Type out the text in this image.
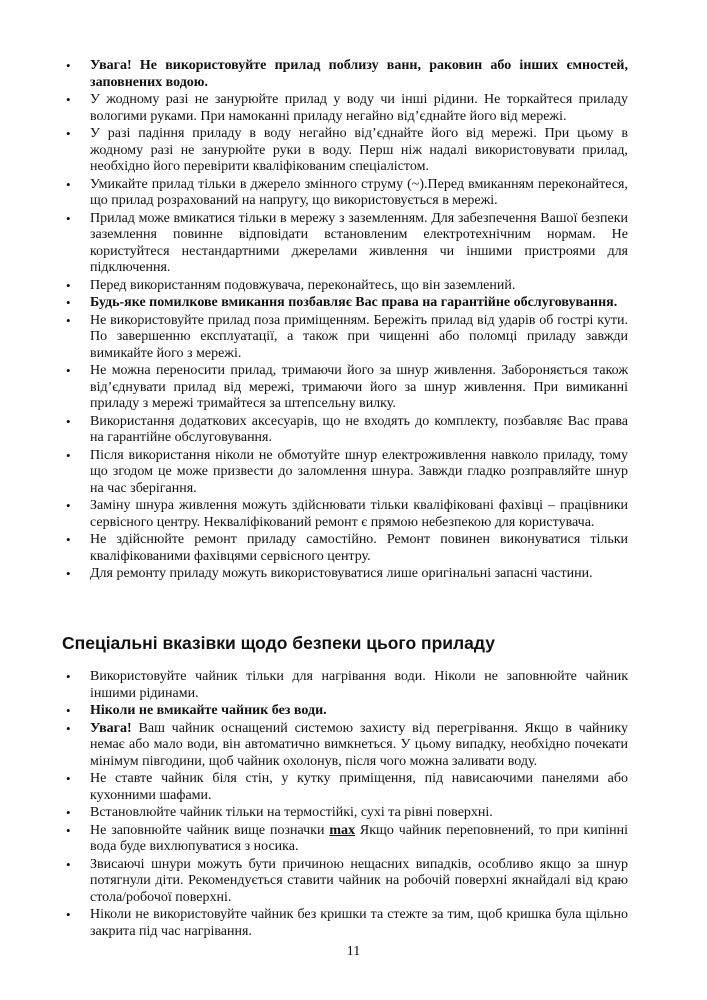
• Увага! Не використовуйте прилад поблизу ванн, раковин або інших ємностей, заповнених водою.
• У жодному разі не занурюйте прилад у воду чи інші рідини. Не торкайтеся приладу вологими руками. При намоканні приладу негайно від’єднайте його від мережі.
• У разі падіння приладу в воду негайно від’єднайте його від мережі. При цьому в жодному разі не занурюйте руки в воду. Перш ніж надалі використовувати прилад, необхідно його перевірити кваліфікованим спеціалістом.
• Умикайте прилад тільки в джерело змінного струму (~).Перед вмиканням переконайтеся, що прилад розрахований на напругу, що використовується в мережі.
• Прилад може вмикатися тільки в мережу з заземленням. Для забезпечення Вашої безпеки заземлення повинне відповідати встановленим електротехнічним нормам. Не користуйтеся нестандартними джерелами живлення чи іншими пристроями для підключення.
• Перед використанням подовжувача, переконайтесь, що він заземлений.
• Будь-яке помилкове вмикання позбавляє Вас права на гарантійне обслуговування.
• Не використовуйте прилад поза приміщенням. Бережіть прилад від ударів об гострі кути. По завершенню експлуатації, а також при чищенні або поломці приладу завжди вимикайте його з мережі.
• Не можна переносити прилад, тримаючи його за шнур живлення. Забороняється також від’єднувати прилад від мережі, тримаючи його за шнур живлення. При вимиканні приладу з мережі тримайтеся за штепсельну вилку.
• Використання додаткових аксесуарів, що не входять до комплекту, позбавляє Вас права на гарантійне обслуговування.
• Після використання ніколи не обмотуйте шнур електроживлення навколо приладу, тому що згодом це може призвести до заломлення шнура. Завжди гладко розправляйте шнур на час зберігання.
• Заміну шнура живлення можуть здійснювати тільки кваліфіковані фахівці – працівники сервісного центру. Некваліфікований ремонт є прямою небезпекою для користувача.
• Не здійснюйте ремонт приладу самостійно. Ремонт повинен виконуватися тільки кваліфікованими фахівцями сервісного центру.
• Для ремонту приладу можуть використовуватися лише оригінальні запасні частини.
Спеціальні вказівки щодо безпеки цього приладу
• Використовуйте чайник тільки для нагрівання води. Ніколи не заповнюйте чайник іншими рідинами.
• Ніколи не вмикайте чайник без води.
• Увага! Ваш чайник оснащений системою захисту від перегрівання. Якщо в чайнику немає або мало води, він автоматично вимкнеться. У цьому випадку, необхідно почекати мінімум півгодини, щоб чайник охолонув, після чого можна заливати воду.
• Не ставте чайник біля стін, у кутку приміщення, під нависаючими панелями або кухонними шафами.
• Встановлюйте чайник тільки на термостійкі, сухі та рівні поверхні.
• Не заповнюйте чайник вище позначки max Якщо чайник переповнений, то при кипінні вода буде вихлюпуватися з носика.
• Звисаючі шнури можуть бути причиною нещасних випадків, особливо якщо за шнур потягнули діти. Рекомендується ставити чайник на робочій поверхні якнайдалі від краю стола/робочої поверхні.
• Ніколи не використовуйте чайник без кришки та стежте за тим, щоб кришка була щільно закрита під час нагрівання.
11
